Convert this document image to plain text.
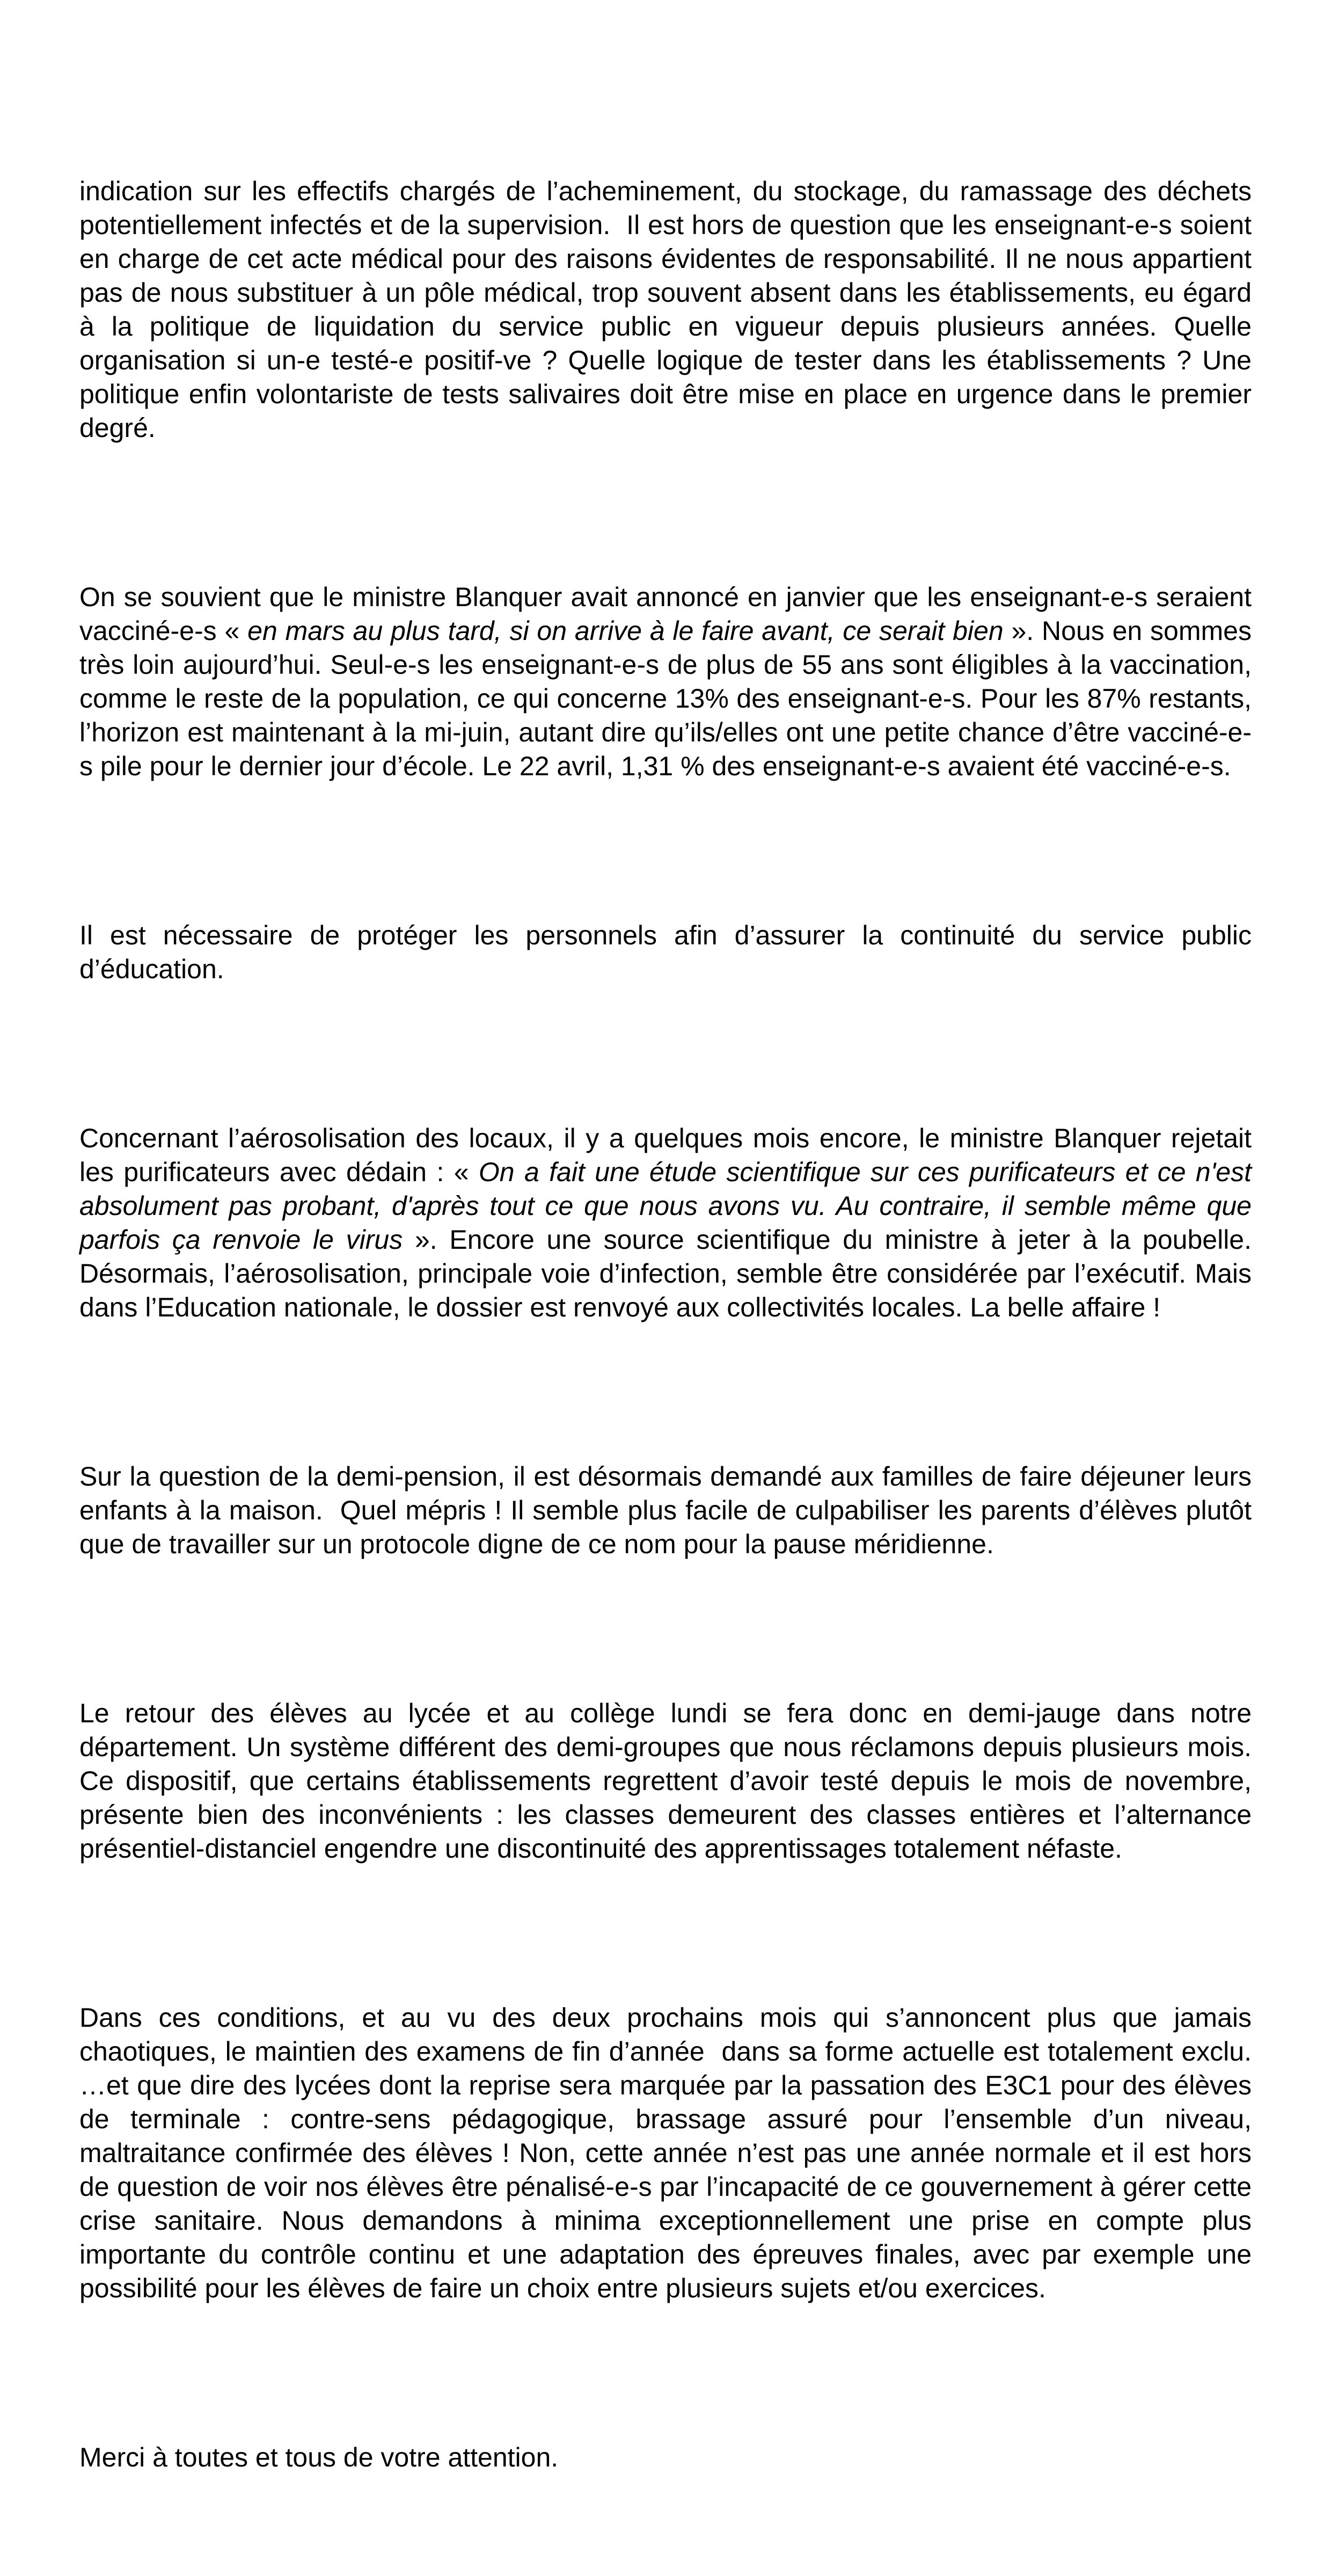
indication sur les effectifs chargés de l’acheminement, du stockage, du ramassage des déchets potentiellement infectés et de la supervision.  Il est hors de question que les enseignant-e-s soient en charge de cet acte médical pour des raisons évidentes de responsabilité. Il ne nous appartient pas de nous substituer à un pôle médical, trop souvent absent dans les établissements, eu égard à la politique de liquidation du service public en vigueur depuis plusieurs années. Quelle organisation si un-e testé-e positif-ve ? Quelle logique de tester dans les établissements ? Une politique enfin volontariste de tests salivaires doit être mise en place en urgence dans le premier degré.

On se souvient que le ministre Blanquer avait annoncé en janvier que les enseignant-e-s seraient vacciné-e-s « en mars au plus tard, si on arrive à le faire avant, ce serait bien ». Nous en sommes très loin aujourd’hui. Seul-e-s les enseignant-e-s de plus de 55 ans sont éligibles à la vaccination, comme le reste de la population, ce qui concerne 13% des enseignant-e-s. Pour les 87% restants, l’horizon est maintenant à la mi-juin, autant dire qu’ils/elles ont une petite chance d’être vacciné-e-s pile pour le dernier jour d’école. Le 22 avril, 1,31 % des enseignant-e-s avaient été vacciné-e-s.

Il est nécessaire de protéger les personnels afin d’assurer la continuité du service public d’éducation.

Concernant l’aérosolisation des locaux, il y a quelques mois encore, le ministre Blanquer rejetait les purificateurs avec dédain : « On a fait une étude scientifique sur ces purificateurs et ce n'est absolument pas probant, d'après tout ce que nous avons vu. Au contraire, il semble même que parfois ça renvoie le virus ». Encore une source scientifique du ministre à jeter à la poubelle. Désormais, l’aérosolisation, principale voie d’infection, semble être considérée par l’exécutif. Mais dans l’Education nationale, le dossier est renvoyé aux collectivités locales. La belle affaire !

Sur la question de la demi-pension, il est désormais demandé aux familles de faire déjeuner leurs enfants à la maison.  Quel mépris ! Il semble plus facile de culpabiliser les parents d’élèves plutôt que de travailler sur un protocole digne de ce nom pour la pause méridienne.

Le retour des élèves au lycée et au collège lundi se fera donc en demi-jauge dans notre département. Un système différent des demi-groupes que nous réclamons depuis plusieurs mois. Ce dispositif, que certains établissements regrettent d’avoir testé depuis le mois de novembre, présente bien des inconvénients : les classes demeurent des classes entières et l’alternance présentiel-distanciel engendre une discontinuité des apprentissages totalement néfaste.

Dans ces conditions, et au vu des deux prochains mois qui s’annoncent plus que jamais chaotiques, le maintien des examens de fin d’année  dans sa forme actuelle est totalement exclu. …et que dire des lycées dont la reprise sera marquée par la passation des E3C1 pour des élèves de terminale : contre-sens pédagogique, brassage assuré pour l’ensemble d’un niveau, maltraitance confirmée des élèves ! Non, cette année n’est pas une année normale et il est hors de question de voir nos élèves être pénalisé-e-s par l’incapacité de ce gouvernement à gérer cette crise sanitaire. Nous demandons à minima exceptionnellement une prise en compte plus importante du contrôle continu et une adaptation des épreuves finales, avec par exemple une possibilité pour les élèves de faire un choix entre plusieurs sujets et/ou exercices.

Merci à toutes et tous de votre attention.
